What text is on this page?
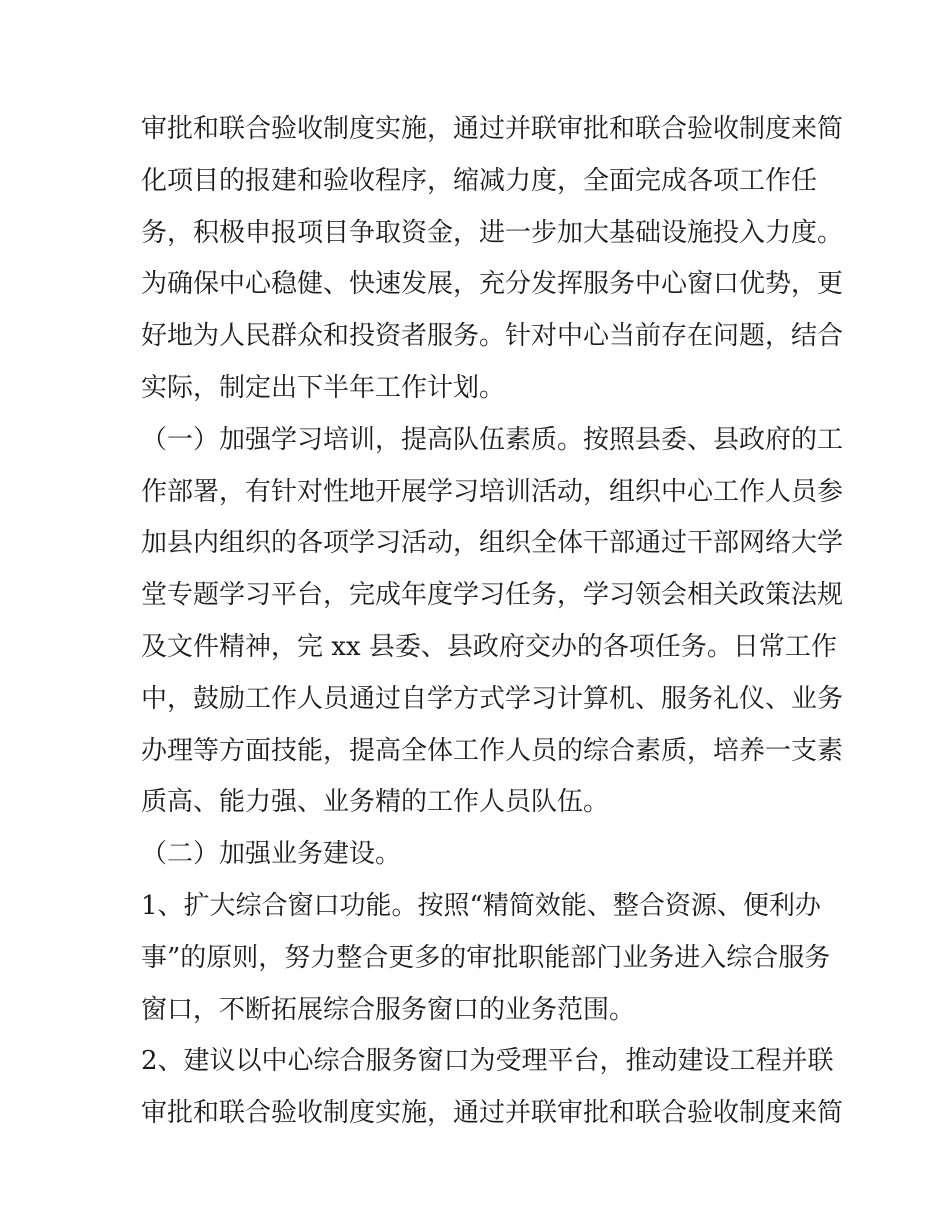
审批和联合验收制度实施，通过并联审批和联合验收制度来简
化项目的报建和验收程序，缩减力度，全面完成各项工作任
务，积极申报项目争取资金，进一步加大基础设施投入力度。
为确保中心稳健、快速发展，充分发挥服务中心窗口优势，更
好地为人民群众和投资者服务。针对中心当前存在问题，结合
实际，制定出下半年工作计划。
（一）加强学习培训，提高队伍素质。按照县委、县政府的工
作部署，有针对性地开展学习培训活动，组织中心工作人员参
加县内组织的各项学习活动，组织全体干部通过干部网络大学
堂专题学习平台，完成年度学习任务，学习领会相关政策法规
及文件精神，完 xx 县委、县政府交办的各项任务。日常工作
中，鼓励工作人员通过自学方式学习计算机、服务礼仪、业务
办理等方面技能，提高全体工作人员的综合素质，培养一支素
质高、能力强、业务精的工作人员队伍。
（二）加强业务建设。
1、扩大综合窗口功能。按照“精简效能、整合资源、便利办
事”的原则，努力整合更多的审批职能部门业务进入综合服务
窗口，不断拓展综合服务窗口的业务范围。
2、建议以中心综合服务窗口为受理平台，推动建设工程并联
审批和联合验收制度实施，通过并联审批和联合验收制度来简
